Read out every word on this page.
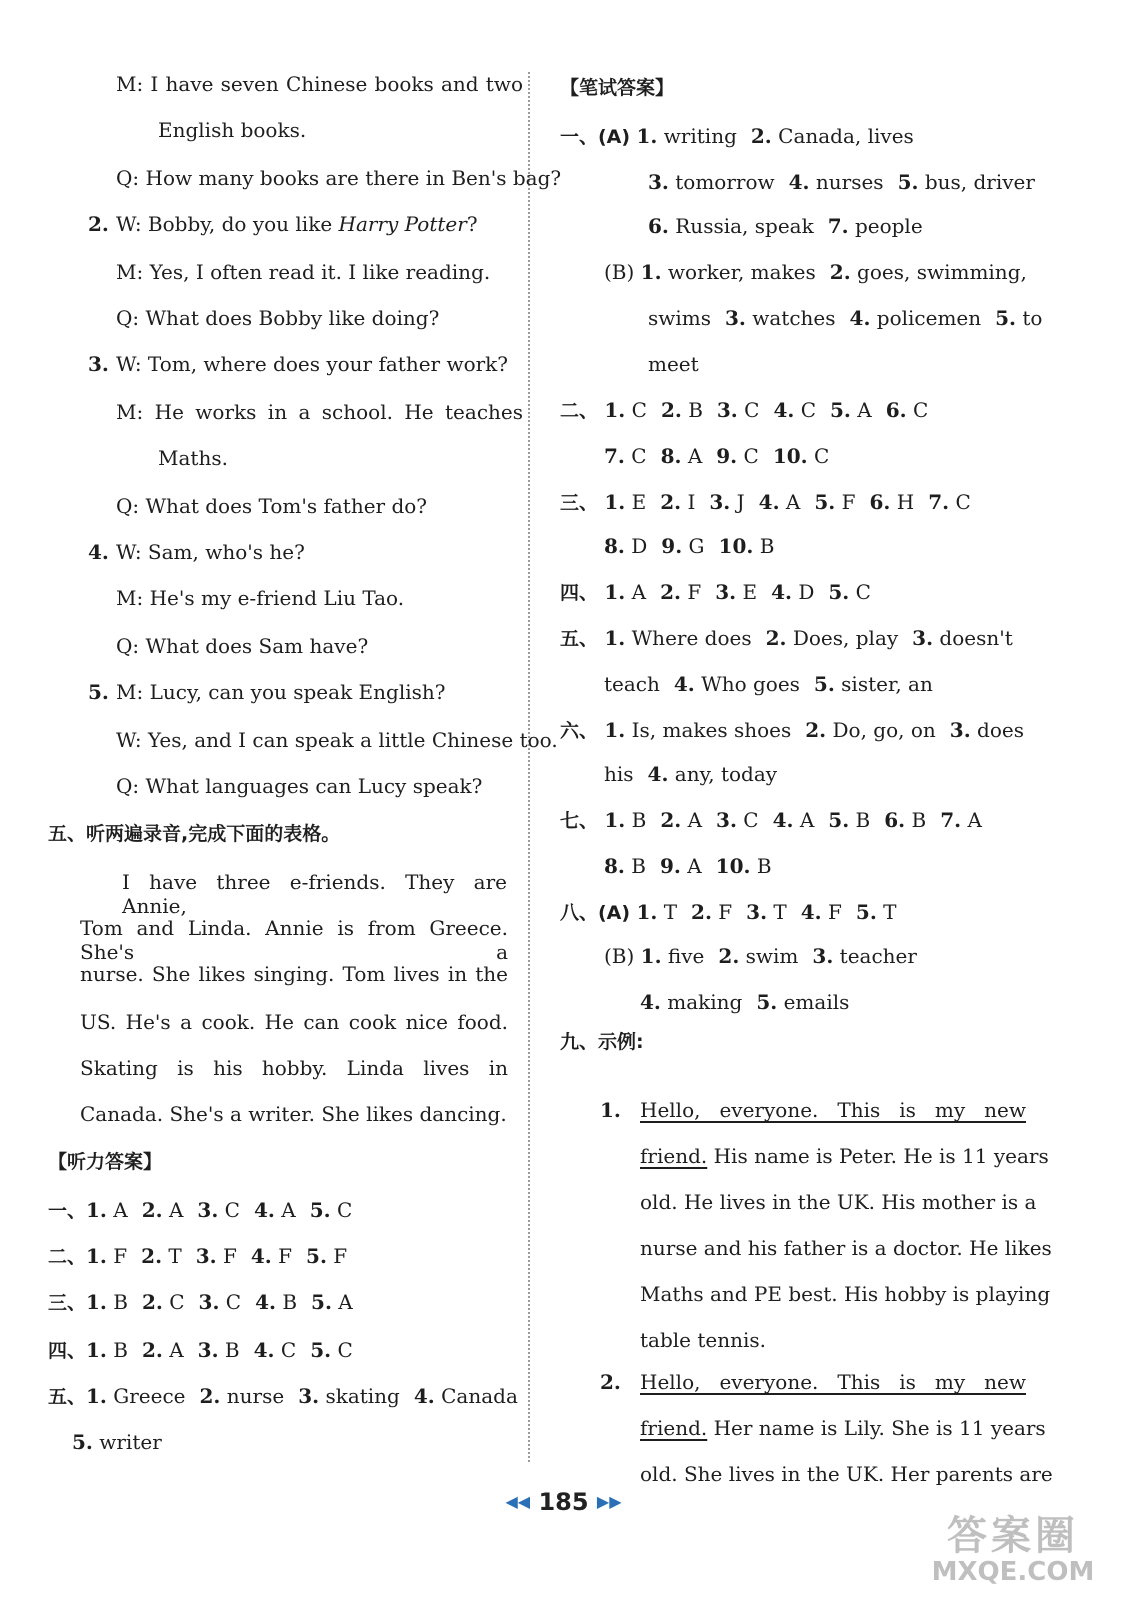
M: I have seven Chinese books and two
English books.
Q: How many books are there in Ben's bag?
2. W: Bobby, do you like Harry Potter?
M: Yes, I often read it. I like reading.
Q: What does Bobby like doing?
3. W: Tom, where does your father work?
M: He works in a school. He teaches
Maths.
Q: What does Tom's father do?
4. W: Sam, who's he?
M: He's my e-friend Liu Tao.
Q: What does Sam have?
5. M: Lucy, can you speak English?
W: Yes, and I can speak a little Chinese too.
Q: What languages can Lucy speak?
五、听两遍录音,完成下面的表格。
I have three e-friends. They are Annie,
Tom and Linda. Annie is from Greece. She's a
nurse. She likes singing. Tom lives in the
US. He's a cook. He can cook nice food.
Skating is his hobby. Linda lives in
Canada. She's a writer. She likes dancing.
【听力答案】
一、1. A 2. A 3. C 4. A 5. C
二、1. F 2. T 3. F 4. F 5. F
三、1. B 2. C 3. C 4. B 5. A
四、1. B 2. A 3. B 4. C 5. C
五、1. Greece 2. nurse 3. skating 4. Canada
5. writer
【笔试答案】
一、(A) 1. writing 2. Canada, lives
3. tomorrow 4. nurses 5. bus, driver
6. Russia, speak 7. people
(B) 1. worker, makes 2. goes, swimming,
swims 3. watches 4. policemen 5. to
meet
二、 1. C 2. B 3. C 4. C 5. A 6. C
7. C 8. A 9. C 10. C
三、 1. E 2. I 3. J 4. A 5. F 6. H 7. C
8. D 9. G 10. B
四、 1. A 2. F 3. E 4. D 5. C
五、 1. Where does 2. Does, play 3. doesn't
teach 4. Who goes 5. sister, an
六、 1. Is, makes shoes 2. Do, go, on 3. does
his 4. any, today
七、 1. B 2. A 3. C 4. A 5. B 6. B 7. A
8. B 9. A 10. B
八、(A) 1. T 2. F 3. T 4. F 5. T
(B) 1. five 2. swim 3. teacher
4. making 5. emails
九、示例:
1. Hello, everyone. This is my new
friend. His name is Peter. He is 11 years
old. He lives in the UK. His mother is a
nurse and his father is a doctor. He likes
Maths and PE best. His hobby is playing
table tennis.
2. Hello, everyone. This is my new
friend. Her name is Lily. She is 11 years
old. She lives in the UK. Her parents are
◀◀ 185 ▶▶
答案圈
MXQE.COM
